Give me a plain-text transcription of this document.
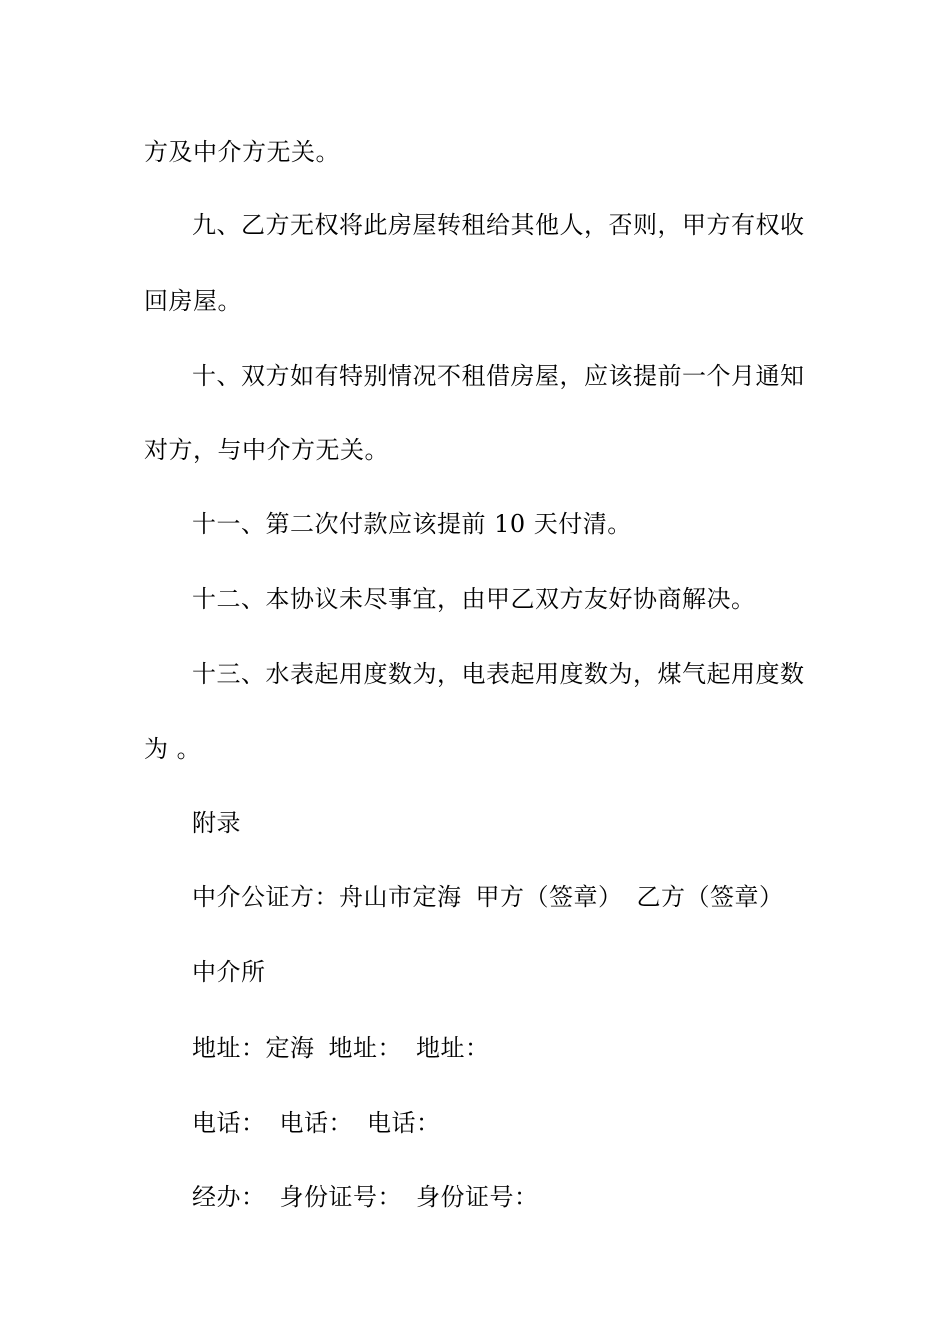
方及中介方无关。
九、乙方无权将此房屋转租给其他人，否则，甲方有权收
回房屋。
十、双方如有特别情况不租借房屋，应该提前一个月通知
对方，与中介方无关。
十一、第二次付款应该提前 10 天付清。
十二、本协议未尽事宜，由甲乙双方友好协商解决。
十三、水表起用度数为，电表起用度数为，煤气起用度数
为 。
附录
中介公证方：舟山市定海 甲方（签章） 乙方（签章）
中介所
地址：定海 地址： 地址：
电话： 电话： 电话：
经办： 身份证号： 身份证号：
